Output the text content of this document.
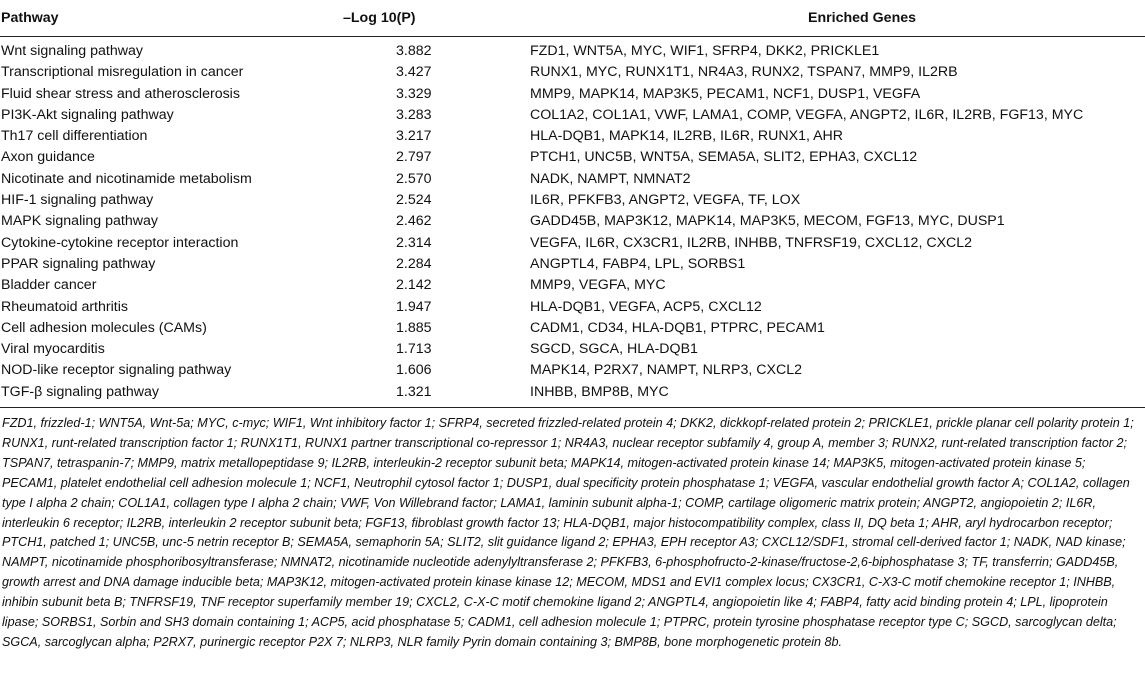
Pathway	–Log 10(P)	Enriched Genes
Wnt signaling pathway	3.882	FZD1, WNT5A, MYC, WIF1, SFRP4, DKK2, PRICKLE1
Transcriptional misregulation in cancer	3.427	RUNX1, MYC, RUNX1T1, NR4A3, RUNX2, TSPAN7, MMP9, IL2RB
Fluid shear stress and atherosclerosis	3.329	MMP9, MAPK14, MAP3K5, PECAM1, NCF1, DUSP1, VEGFA
PI3K-Akt signaling pathway	3.283	COL1A2, COL1A1, VWF, LAMA1, COMP, VEGFA, ANGPT2, IL6R, IL2RB, FGF13, MYC
Th17 cell differentiation	3.217	HLA-DQB1, MAPK14, IL2RB, IL6R, RUNX1, AHR
Axon guidance	2.797	PTCH1, UNC5B, WNT5A, SEMA5A, SLIT2, EPHA3, CXCL12
Nicotinate and nicotinamide metabolism	2.570	NADK, NAMPT, NMNAT2
HIF-1 signaling pathway	2.524	IL6R, PFKFB3, ANGPT2, VEGFA, TF, LOX
MAPK signaling pathway	2.462	GADD45B, MAP3K12, MAPK14, MAP3K5, MECOM, FGF13, MYC, DUSP1
Cytokine-cytokine receptor interaction	2.314	VEGFA, IL6R, CX3CR1, IL2RB, INHBB, TNFRSF19, CXCL12, CXCL2
PPAR signaling pathway	2.284	ANGPTL4, FABP4, LPL, SORBS1
Bladder cancer	2.142	MMP9, VEGFA, MYC
Rheumatoid arthritis	1.947	HLA-DQB1, VEGFA, ACP5, CXCL12
Cell adhesion molecules (CAMs)	1.885	CADM1, CD34, HLA-DQB1, PTPRC, PECAM1
Viral myocarditis	1.713	SGCD, SGCA, HLA-DQB1
NOD-like receptor signaling pathway	1.606	MAPK14, P2RX7, NAMPT, NLRP3, CXCL2
TGF-β signaling pathway	1.321	INHBB, BMP8B, MYC

FZD1, frizzled-1; WNT5A, Wnt-5a; MYC, c-myc; WIF1, Wnt inhibitory factor 1; SFRP4, secreted frizzled-related protein 4; DKK2, dickkopf-related protein 2; PRICKLE1, prickle planar cell polarity protein 1; RUNX1, runt-related transcription factor 1; RUNX1T1, RUNX1 partner transcriptional co-repressor 1; NR4A3, nuclear receptor subfamily 4, group A, member 3; RUNX2, runt-related transcription factor 2; TSPAN7, tetraspanin-7; MMP9, matrix metallopeptidase 9; IL2RB, interleukin-2 receptor subunit beta; MAPK14, mitogen-activated protein kinase 14; MAP3K5, mitogen-activated protein kinase 5; PECAM1, platelet endothelial cell adhesion molecule 1; NCF1, Neutrophil cytosol factor 1; DUSP1, dual specificity protein phosphatase 1; VEGFA, vascular endothelial growth factor A; COL1A2, collagen type I alpha 2 chain; COL1A1, collagen type I alpha 2 chain; VWF, Von Willebrand factor; LAMA1, laminin subunit alpha-1; COMP, cartilage oligomeric matrix protein; ANGPT2, angiopoietin 2; IL6R, interleukin 6 receptor; IL2RB, interleukin 2 receptor subunit beta; FGF13, fibroblast growth factor 13; HLA-DQB1, major histocompatibility complex, class II, DQ beta 1; AHR, aryl hydrocarbon receptor; PTCH1, patched 1; UNC5B, unc-5 netrin receptor B; SEMA5A, semaphorin 5A; SLIT2, slit guidance ligand 2; EPHA3, EPH receptor A3; CXCL12/SDF1, stromal cell-derived factor 1; NADK, NAD kinase; NAMPT, nicotinamide phosphoribosyltransferase; NMNAT2, nicotinamide nucleotide adenylyltransferase 2; PFKFB3, 6-phosphofructo-2-kinase/fructose-2,6-biphosphatase 3; TF, transferrin; GADD45B, growth arrest and DNA damage inducible beta; MAP3K12, mitogen-activated protein kinase kinase 12; MECOM, MDS1 and EVI1 complex locus; CX3CR1, C-X3-C motif chemokine receptor 1; INHBB, inhibin subunit beta B; TNFRSF19, TNF receptor superfamily member 19; CXCL2, C-X-C motif chemokine ligand 2; ANGPTL4, angiopoietin like 4; FABP4, fatty acid binding protein 4; LPL, lipoprotein lipase; SORBS1, Sorbin and SH3 domain containing 1; ACP5, acid phosphatase 5; CADM1, cell adhesion molecule 1; PTPRC, protein tyrosine phosphatase receptor type C; SGCD, sarcoglycan delta; SGCA, sarcoglycan alpha; P2RX7, purinergic receptor P2X 7; NLRP3, NLR family Pyrin domain containing 3; BMP8B, bone morphogenetic protein 8b.
